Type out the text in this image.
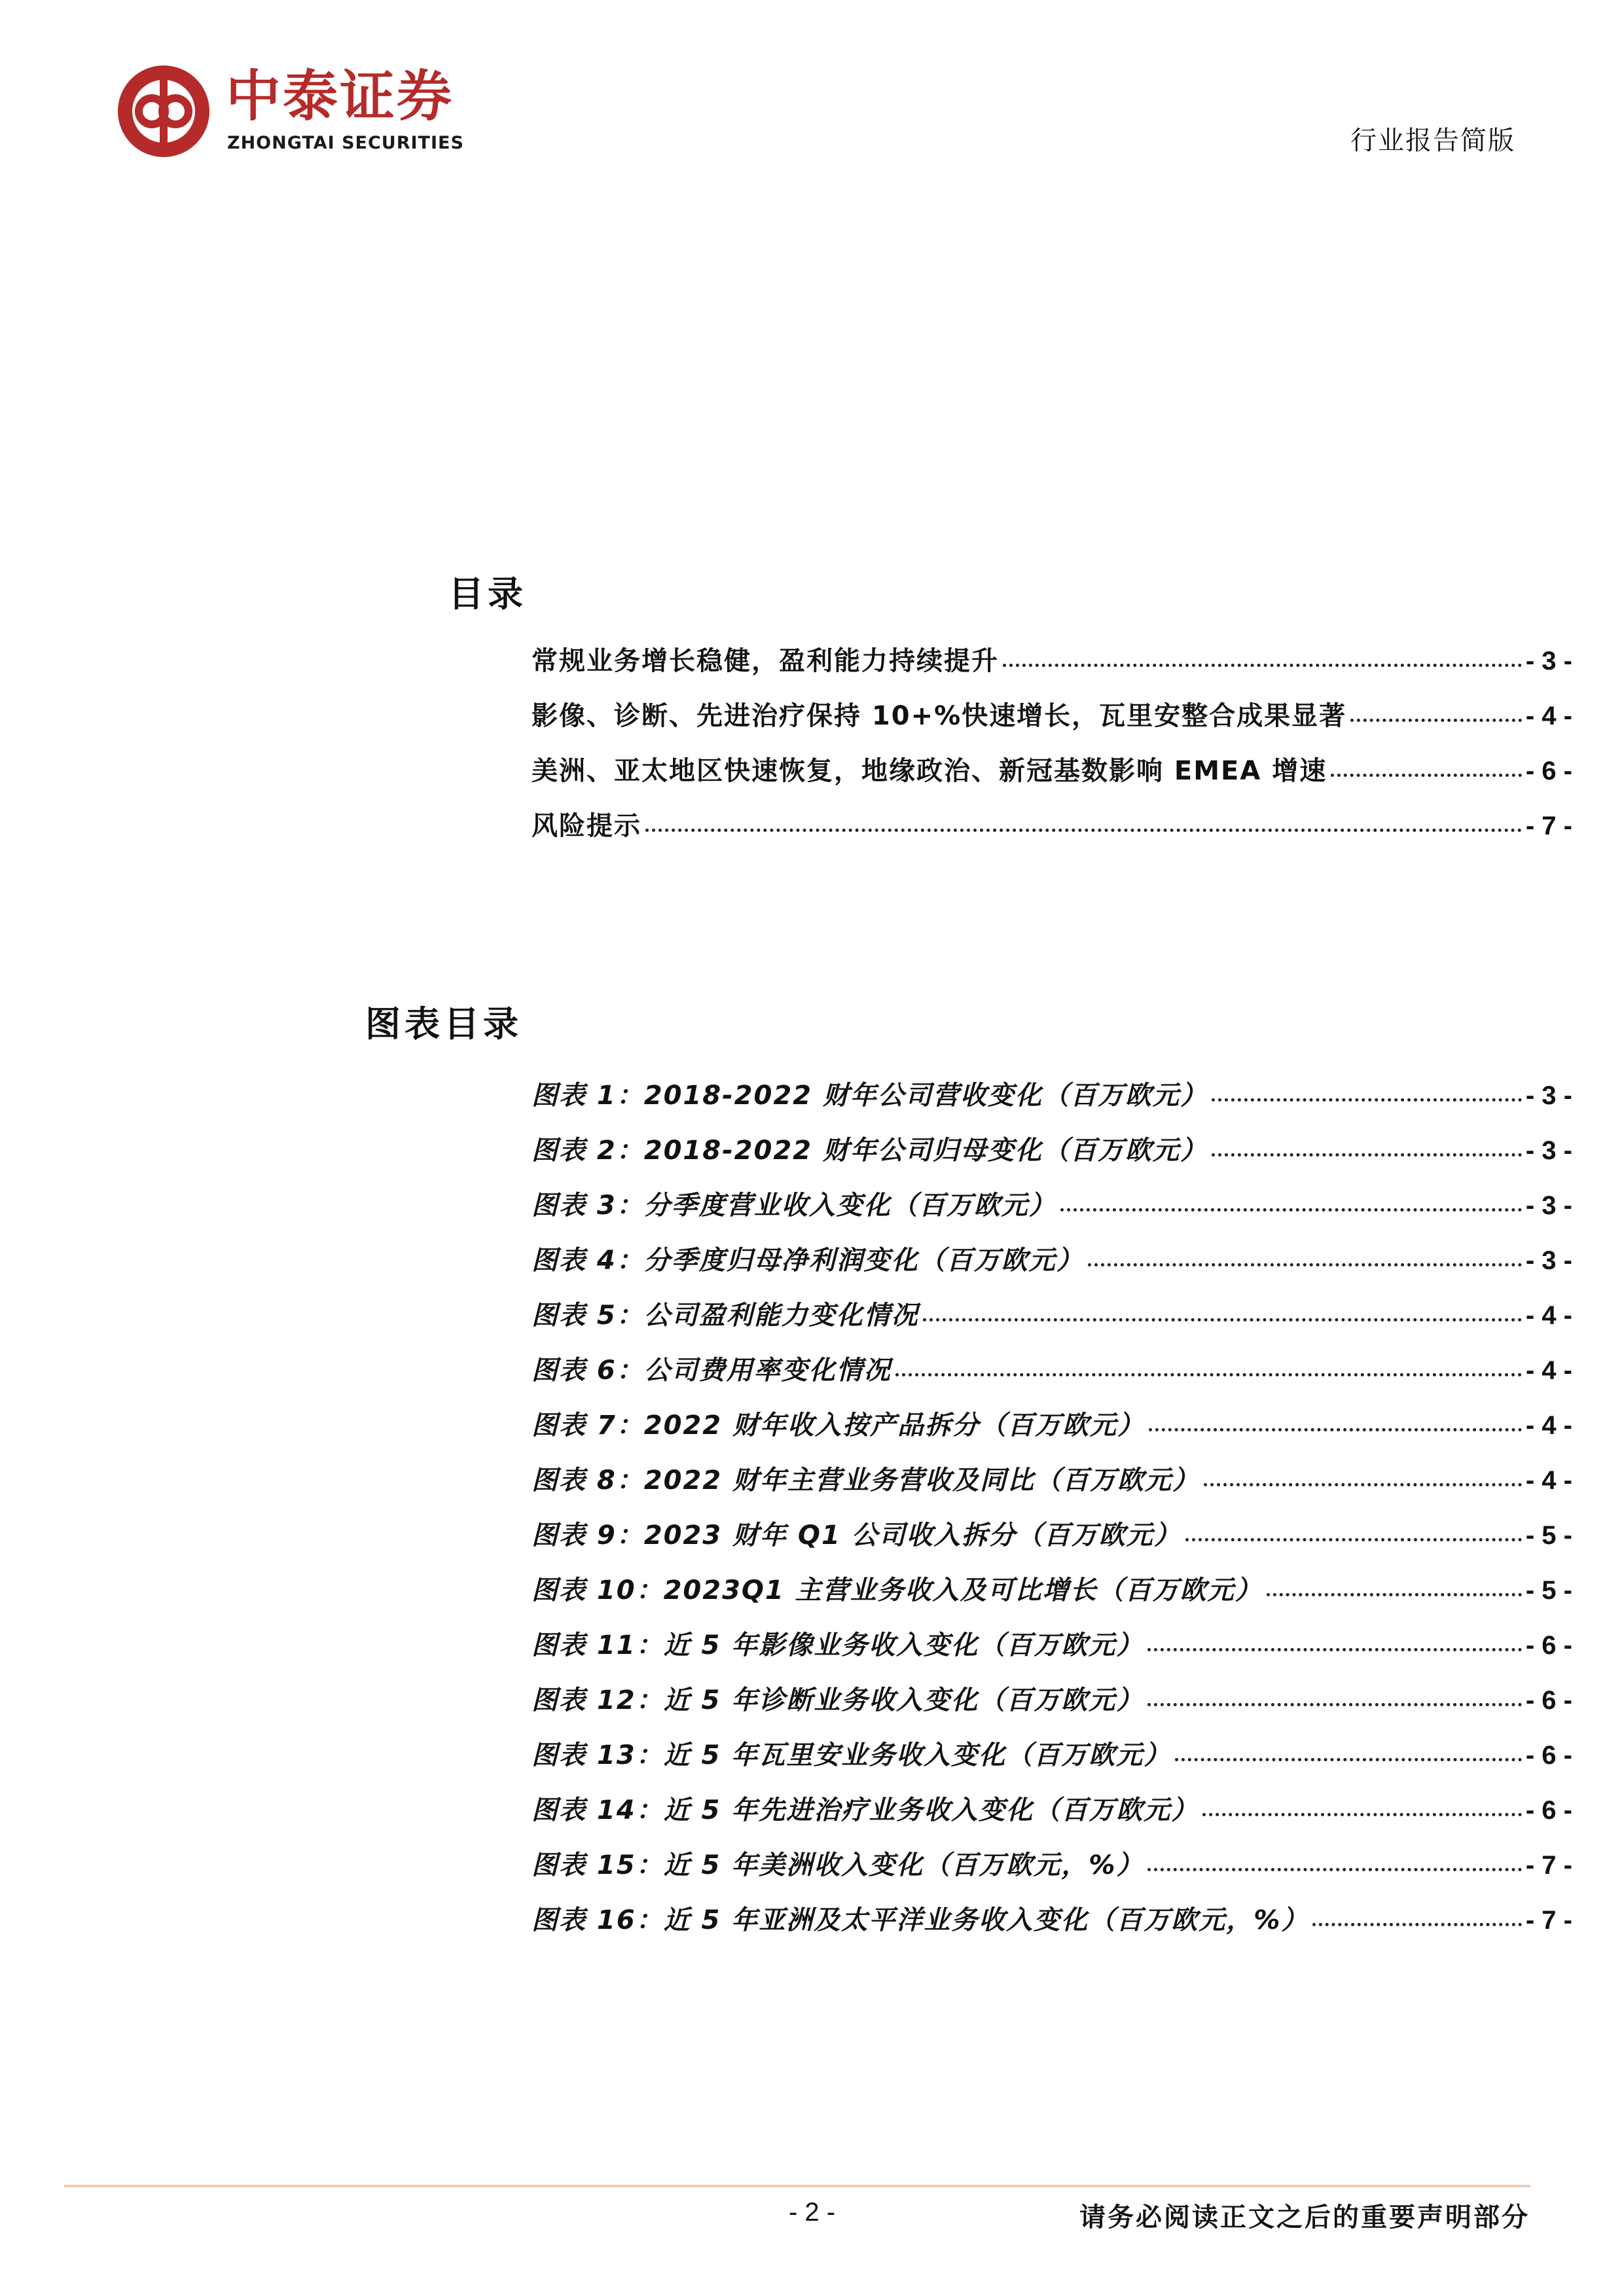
中泰证券
ZHONGTAI SECURITIES	行业报告简版
目录
常规业务增长稳健，盈利能力持续提升	- 3 -
影像、诊断、先进治疗保持 10+%快速增长，瓦里安整合成果显著	- 4 -
美洲、亚太地区快速恢复，地缘政治、新冠基数影响 EMEA 增速	- 6 -
风险提示	- 7 -
图表目录
图表 1：2018-2022 财年公司营收变化（百万欧元）	- 3 -
图表 2：2018-2022 财年公司归母变化（百万欧元）	- 3 -
图表 3：分季度营业收入变化（百万欧元）	- 3 -
图表 4：分季度归母净利润变化（百万欧元）	- 3 -
图表 5：公司盈利能力变化情况	- 4 -
图表 6：公司费用率变化情况	- 4 -
图表 7：2022 财年收入按产品拆分（百万欧元）	- 4 -
图表 8：2022 财年主营业务营收及同比（百万欧元）	- 4 -
图表 9：2023 财年 Q1 公司收入拆分（百万欧元）	- 5 -
图表 10：2023Q1 主营业务收入及可比增长（百万欧元）	- 5 -
图表 11：近 5 年影像业务收入变化（百万欧元）	- 6 -
图表 12：近 5 年诊断业务收入变化（百万欧元）	- 6 -
图表 13：近 5 年瓦里安业务收入变化（百万欧元）	- 6 -
图表 14：近 5 年先进治疗业务收入变化（百万欧元）	- 6 -
图表 15：近 5 年美洲收入变化（百万欧元，%）	- 7 -
图表 16：近 5 年亚洲及太平洋业务收入变化（百万欧元，%）	- 7 -
- 2 -	请务必阅读正文之后的重要声明部分
